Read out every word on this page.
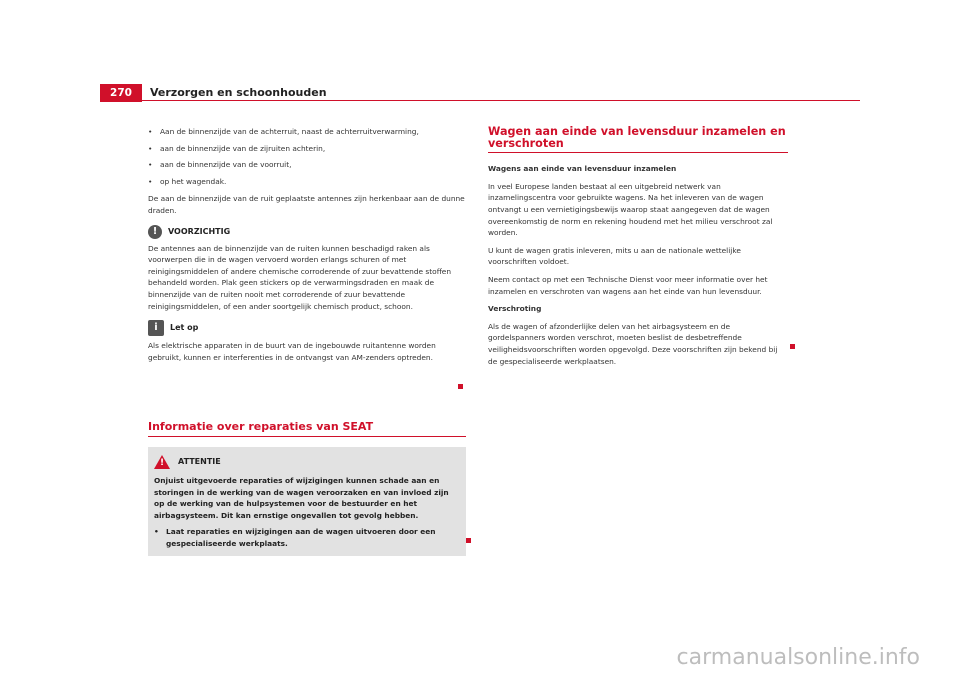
270	Verzorgen en schoonhouden
• Aan de binnenzijde van de achterruit, naast de achterruitverwarming,
• aan de binnenzijde van de zijruiten achterin,
• aan de binnenzijde van de voorruit,
• op het wagendak.

De aan de binnenzijde van de ruit geplaatste antennes zijn herkenbaar aan de dunne draden.

!	VOORZICHTIG

De antennes aan de binnenzijde van de ruiten kunnen beschadigd raken als voorwerpen die in de wagen vervoerd worden erlangs schuren of met reinigingsmiddelen of andere chemische corroderende of zuur bevattende stoffen behandeld worden. Plak geen stickers op de verwarmingsdraden en maak de binnenzijde van de ruiten nooit met corroderende of zuur bevattende reinigingsmiddelen, of een ander soortgelijk chemisch product, schoon.

i	Let op

Als elektrische apparaten in de buurt van de ingebouwde ruitantenne worden gebruikt, kunnen er interferenties in de ontvangst van AM-zenders optreden.

Informatie over reparaties van SEAT
! ATTENTIE
Onjuist uitgevoerde reparaties of wijzigingen kunnen schade aan en storingen in de werking van de wagen veroorzaken en van invloed zijn op de werking van de hulpsystemen voor de bestuurder en het airbagsysteem. Dit kan ernstige ongevallen tot gevolg hebben.
• Laat reparaties en wijzigingen aan de wagen uitvoeren door een gespecialiseerde werkplaats.
Wagen aan einde van levensduur inzamelen en verschroten

Wagens aan einde van levensduur inzamelen

In veel Europese landen bestaat al een uitgebreid netwerk van inzamelingscentra voor gebruikte wagens. Na het inleveren van de wagen ontvangt u een vernietigingsbewijs waarop staat aangegeven dat de wagen overeenkomstig de norm en rekening houdend met het milieu verschroot zal worden.

U kunt de wagen gratis inleveren, mits u aan de nationale wettelijke voorschriften voldoet.

Neem contact op met een Technische Dienst voor meer informatie over het inzamelen en verschroten van wagens aan het einde van hun levensduur.

Verschroting

Als de wagen of afzonderlijke delen van het airbagsysteem en de gordelspanners worden verschrot, moeten beslist de desbetreffende veiligheidsvoorschriften worden opgevolgd. Deze voorschriften zijn bekend bij de gespecialiseerde werkplaatsen.

carmanualsonline.info
